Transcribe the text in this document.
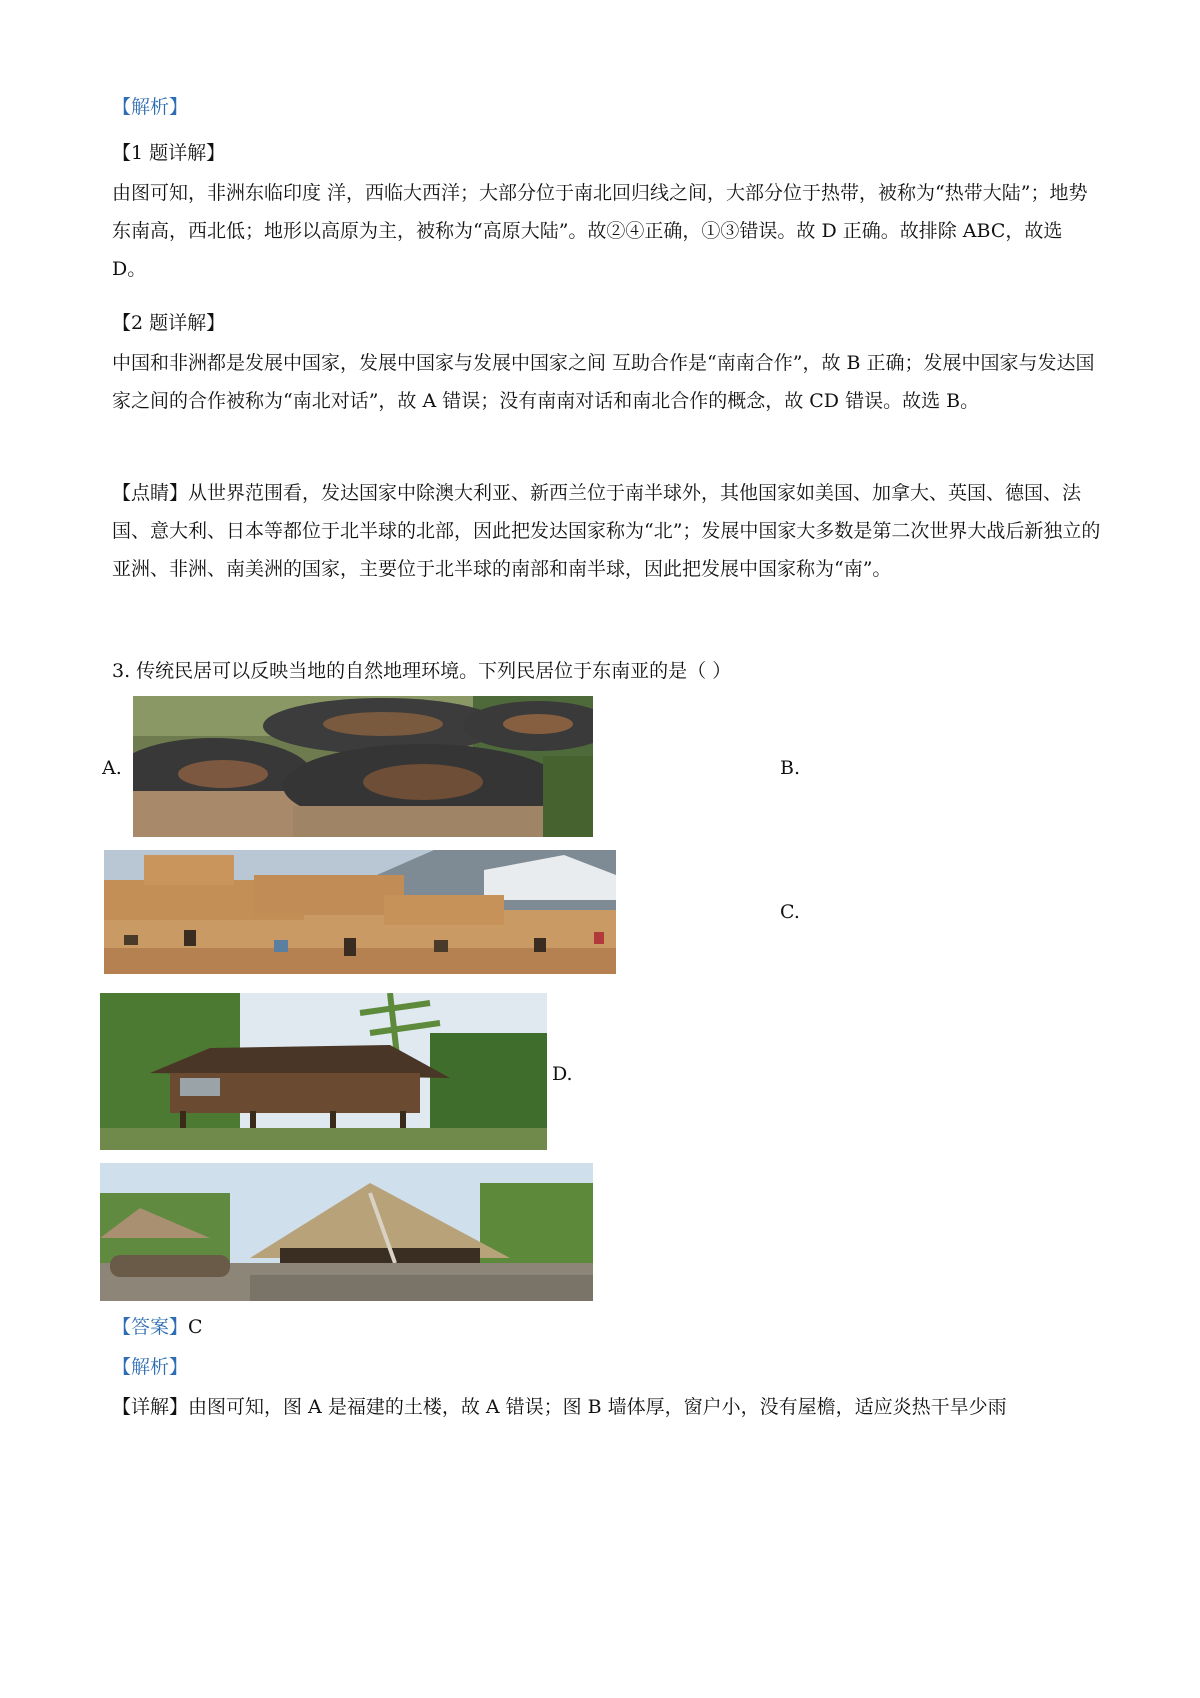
【解析】

【1 题详解】

由图可知，非洲东临印度 洋，西临大西洋；大部分位于南北回归线之间，大部分位于热带，被称为“热带大陆”；地势东南高，西北低；地形以高原为主，被称为“高原大陆”。故②④正确，①③错误。故 D 正确。故排除 ABC，故选 D。

【2 题详解】

中国和非洲都是发展中国家，发展中国家与发展中国家之间 互助合作是“南南合作”，故 B 正确；发展中国家与发达国家之间的合作被称为“南北对话”，故 A 错误；没有南南对话和南北合作的概念，故 CD 错误。故选 B。

【点睛】从世界范围看，发达国家中除澳大利亚、新西兰位于南半球外，其他国家如美国、加拿大、英国、德国、法国、意大利、日本等都位于北半球的北部，因此把发达国家称为“北”；发展中国家大多数是第二次世界大战后新独立的亚洲、非洲、南美洲的国家，主要位于北半球的南部和南半球，因此把发展中国家称为“南”。

3. 传统民居可以反映当地的自然地理环境。下列民居位于东南亚的是（ ）

A.	B.
C.
D.

【答案】C

【解析】

【详解】由图可知，图 A 是福建的土楼，故 A 错误；图 B 墙体厚，窗户小，没有屋檐，适应炎热干旱少雨
